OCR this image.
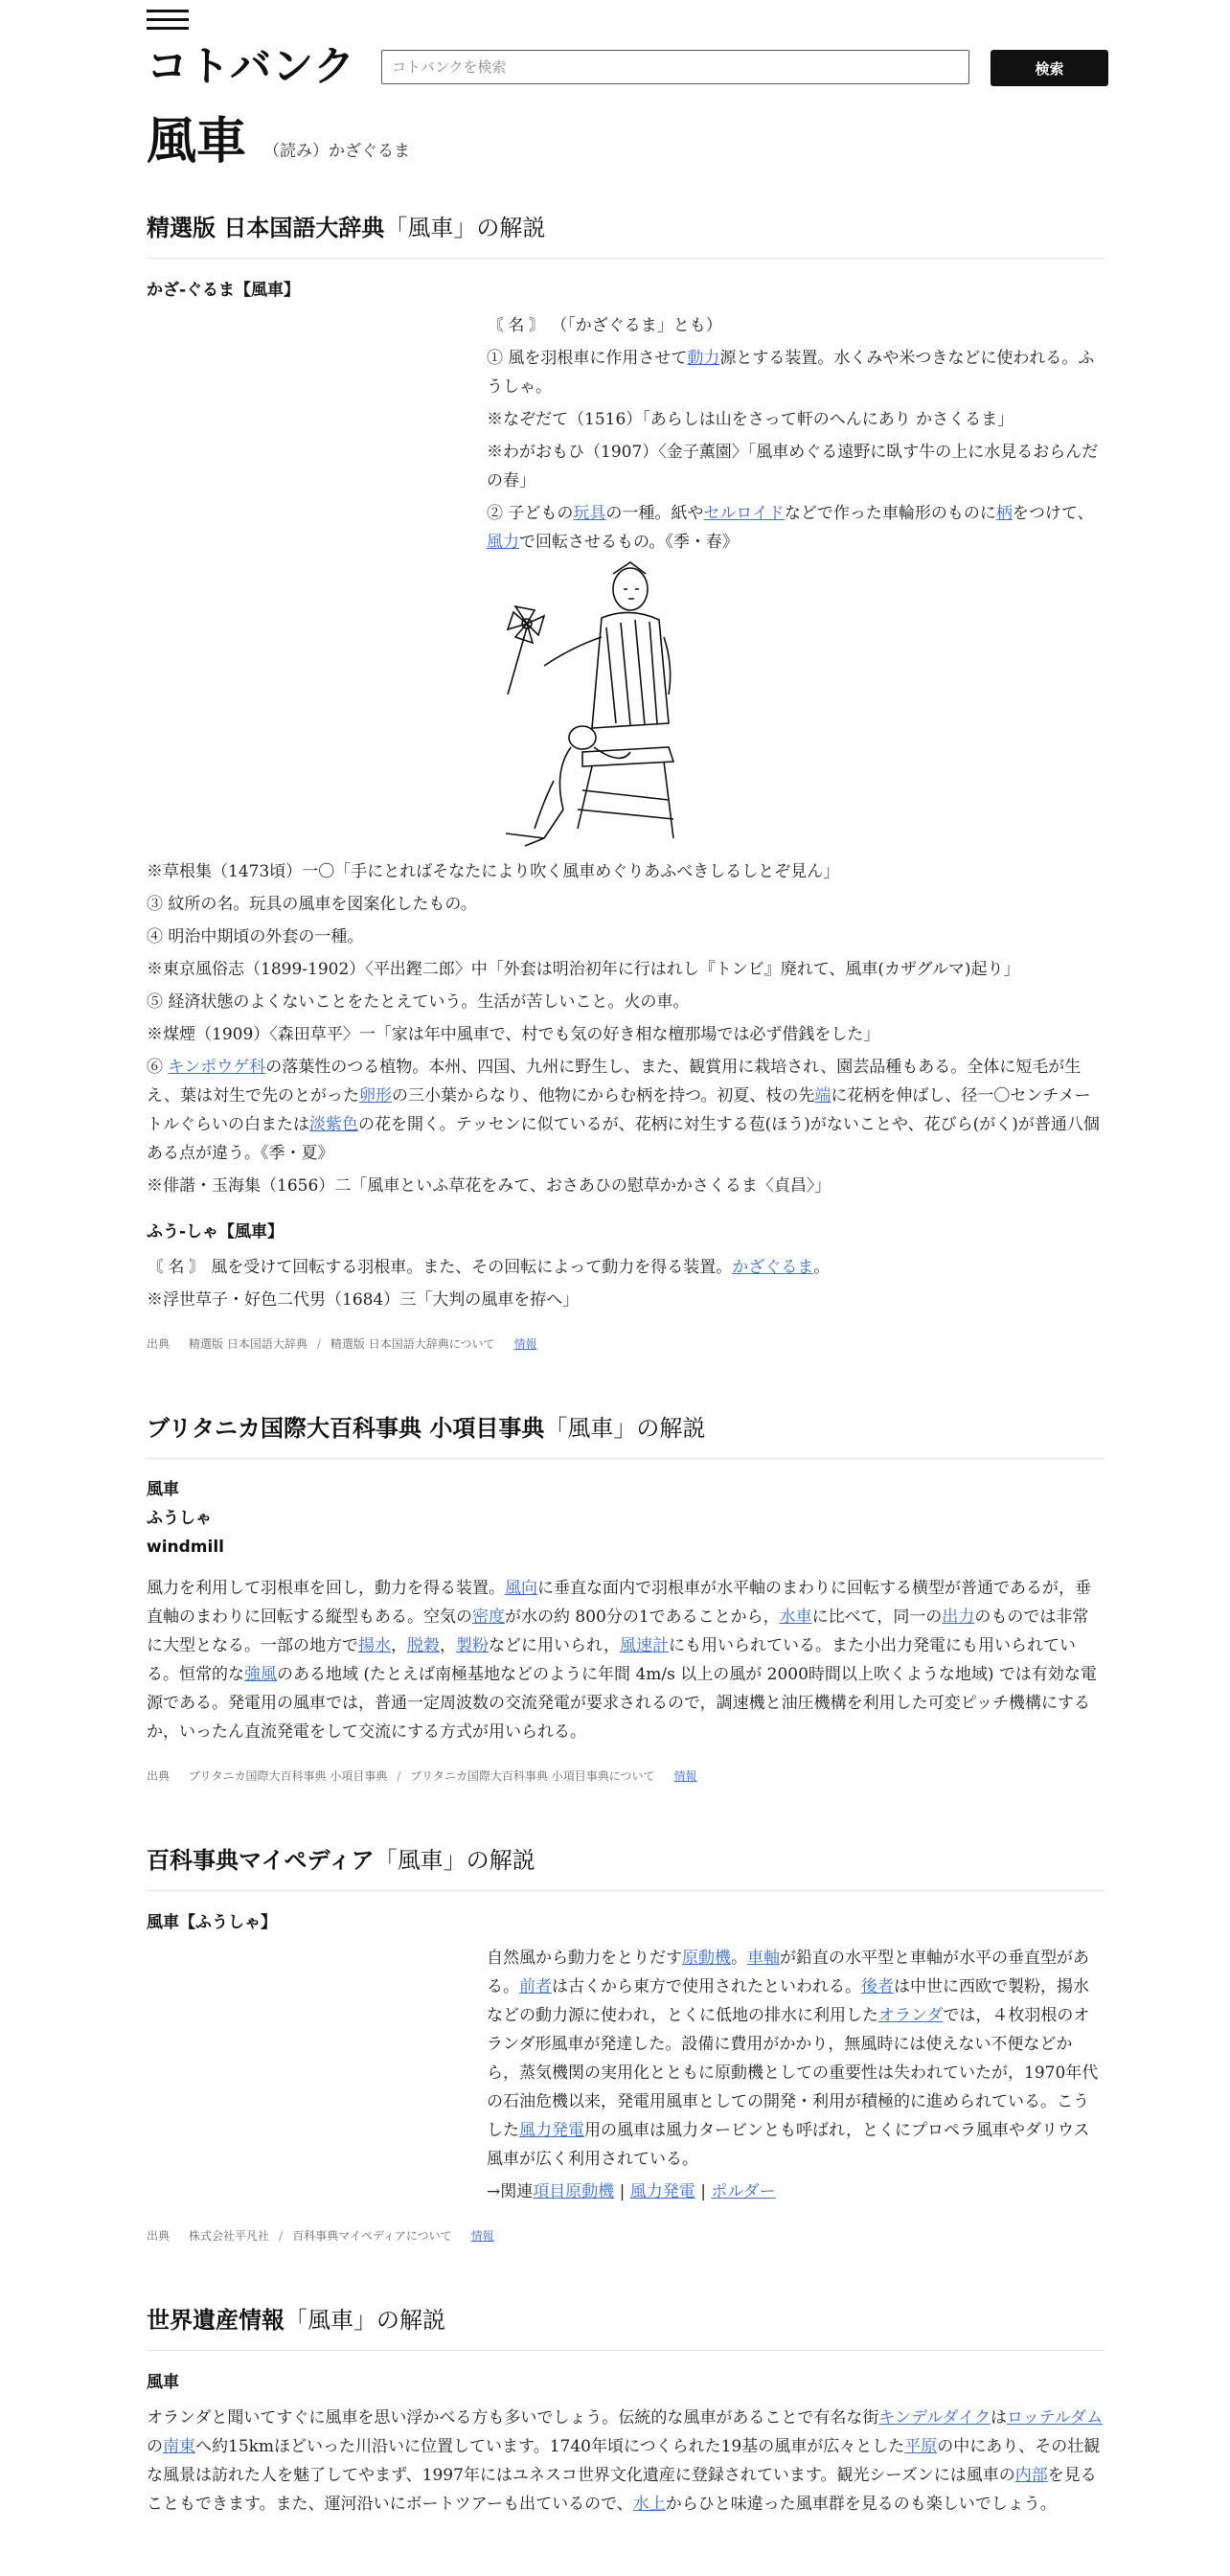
コトバンク
コトバンクを検索	検索
風車 （読み）かざぐるま
精選版 日本国語大辞典「風車」の解説
かざ‐ぐるま【風車】

〘 名 〙 （「かざぐるま」とも）

① 風を羽根車に作用させて動力源とする装置。水くみや米つきなどに使われる。ふうしゃ。

※なぞだて（1516）「あらしは山をさって軒のへんにあり かさくるま」

※わがおもひ（1907）〈金子薫園〉「風車めぐる遠野に臥す牛の上に水見るおらんだの春」

② 子どもの玩具の一種。紙やセルロイドなどで作った車輪形のものに柄をつけて、風力で回転させるもの。《季・春》

※草根集（1473頃）一〇「手にとればそなたにより吹く風車めぐりあふべきしるしとぞ見ん」

③ 紋所の名。玩具の風車を図案化したもの。

④ 明治中期頃の外套の一種。

※東京風俗志（1899‐1902）〈平出鏗二郎〉中「外套は明治初年に行はれし『トンビ』廃れて、風車(カザグルマ)起り」

⑤ 経済状態のよくないことをたとえていう。生活が苦しいこと。火の車。

※煤煙（1909）〈森田草平〉一「家は年中風車で、村でも気の好き相な檀那場では必ず借銭をした」

⑥ キンポウゲ科の落葉性のつる植物。本州、四国、九州に野生し、また、観賞用に栽培され、園芸品種もある。全体に短毛が生え、葉は対生で先のとがった卵形の三小葉からなり、他物にからむ柄を持つ。初夏、枝の先端に花柄を伸ばし、径一〇センチメートルぐらいの白または淡紫色の花を開く。テッセンに似ているが、花柄に対生する苞(ほう)がないことや、花びら(がく)が普通八個ある点が違う。《季・夏》

※俳諧・玉海集（1656）二「風車といふ草花をみて、おさあひの慰草かかさくるま〈貞昌〉」

ふう‐しゃ【風車】

〘 名 〙 風を受けて回転する羽根車。また、その回転によって動力を得る装置。かざぐるま。

※浮世草子・好色二代男（1684）三「大判の風車を拵へ」

出典 精選版 日本国語大辞典 / 精選版 日本国語大辞典について 情報
ブリタニカ国際大百科事典 小項目事典「風車」の解説
風車
ふうしゃ
windmill

風力を利用して羽根車を回し，動力を得る装置。風向に垂直な面内で羽根車が水平軸のまわりに回転する横型が普通であるが，垂直軸のまわりに回転する縦型もある。空気の密度が水の約 800分の1であることから，水車に比べて，同一の出力のものでは非常に大型となる。一部の地方で揚水，脱穀，製粉などに用いられ，風速計にも用いられている。また小出力発電にも用いられている。恒常的な強風のある地域 (たとえば南極基地などのように年間 4m/s 以上の風が 2000時間以上吹くような地域) では有効な電源である。発電用の風車では，普通一定周波数の交流発電が要求されるので，調速機と油圧機構を利用した可変ピッチ機構にするか，いったん直流発電をして交流にする方式が用いられる。

出典 ブリタニカ国際大百科事典 小項目事典 / ブリタニカ国際大百科事典 小項目事典について 情報
百科事典マイペディア「風車」の解説
風車【ふうしゃ】

自然風から動力をとりだす原動機。車軸が鉛直の水平型と車軸が水平の垂直型がある。前者は古くから東方で使用されたといわれる。後者は中世に西欧で製粉，揚水などの動力源に使われ，とくに低地の排水に利用したオランダでは，４枚羽根のオランダ形風車が発達した。設備に費用がかかり，無風時には使えない不便などから，蒸気機関の実用化とともに原動機としての重要性は失われていたが，1970年代の石油危機以来，発電用風車としての開発・利用が積極的に進められている。こうした風力発電用の風車は風力タービンとも呼ばれ，とくにプロペラ風車やダリウス風車が広く利用されている。

→関連項目原動機 | 風力発電 | ポルダー

出典 株式会社平凡社 / 百科事典マイペディアについて 情報
世界遺産情報「風車」の解説
風車

オランダと聞いてすぐに風車を思い浮かべる方も多いでしょう。伝統的な風車があることで有名な街キンデルダイクはロッテルダムの南東へ約15kmほどいった川沿いに位置しています。1740年頃につくられた19基の風車が広々とした平原の中にあり、その壮観な風景は訪れた人を魅了してやまず、1997年にはユネスコ世界文化遺産に登録されています。観光シーズンには風車の内部を見ることもできます。また、運河沿いにボートツアーも出ているので、水上からひと味違った風車群を見るのも楽しいでしょう。
